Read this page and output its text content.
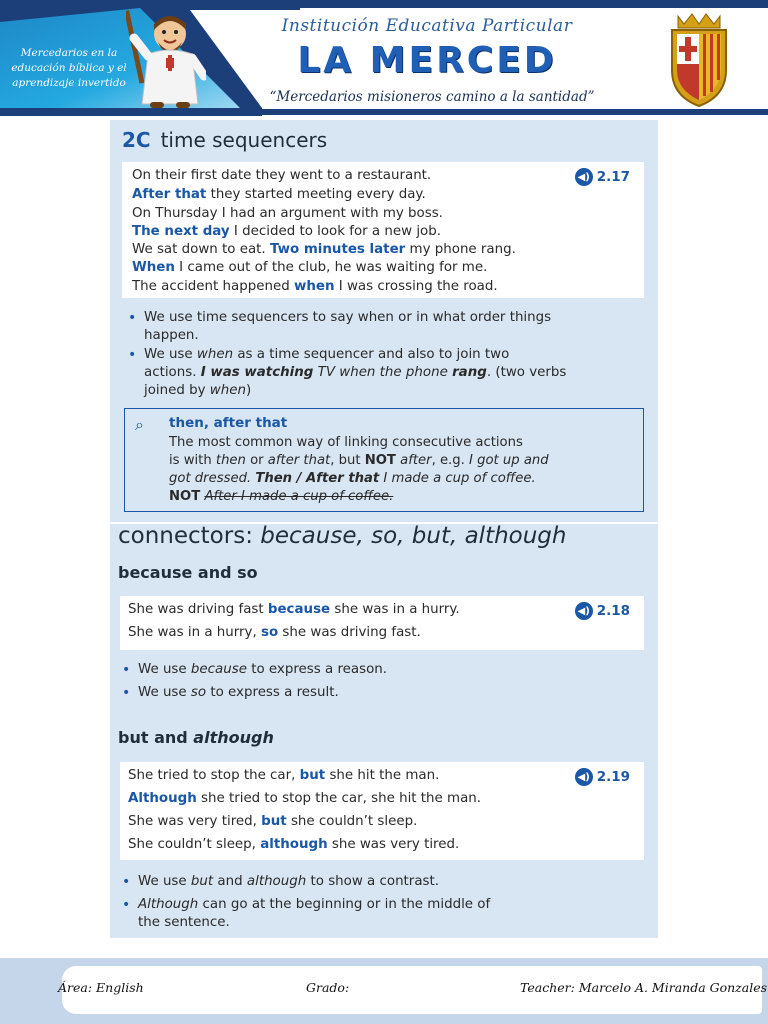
Mercedarios en la educación bíblica y el aprendizaje invertido
Institución Educativa Particular
LA MERCED
“Mercedarios misioneros camino a la santidad”
2C time sequencers
◀) 2.17
On their first date they went to a restaurant.
After that they started meeting every day.
On Thursday I had an argument with my boss.
The next day I decided to look for a new job.
We sat down to eat. Two minutes later my phone rang.
When I came out of the club, he was waiting for me.
The accident happened when I was crossing the road.
• We use time sequencers to say when or in what order things
happen.
• We use when as a time sequencer and also to join two
actions. I was watching TV when the phone rang. (two verbs
joined by when)
⌕ then, after that
The most common way of linking consecutive actions
is with then or after that, but NOT after, e.g. I got up and
got dressed. Then / After that I made a cup of coffee.
NOT After I made a cup of coffee.
connectors: because, so, but, although
because and so
◀) 2.18
She was driving fast because she was in a hurry.
She was in a hurry, so she was driving fast.
• We use because to express a reason.
• We use so to express a result.
but and although
◀) 2.19
She tried to stop the car, but she hit the man.
Although she tried to stop the car, she hit the man.
She was very tired, but she couldn’t sleep.
She couldn’t sleep, although she was very tired.
• We use but and although to show a contrast.
• Although can go at the beginning or in the middle of
the sentence.
Área: English	Grado:	Teacher: Marcelo A. Miranda Gonzales
